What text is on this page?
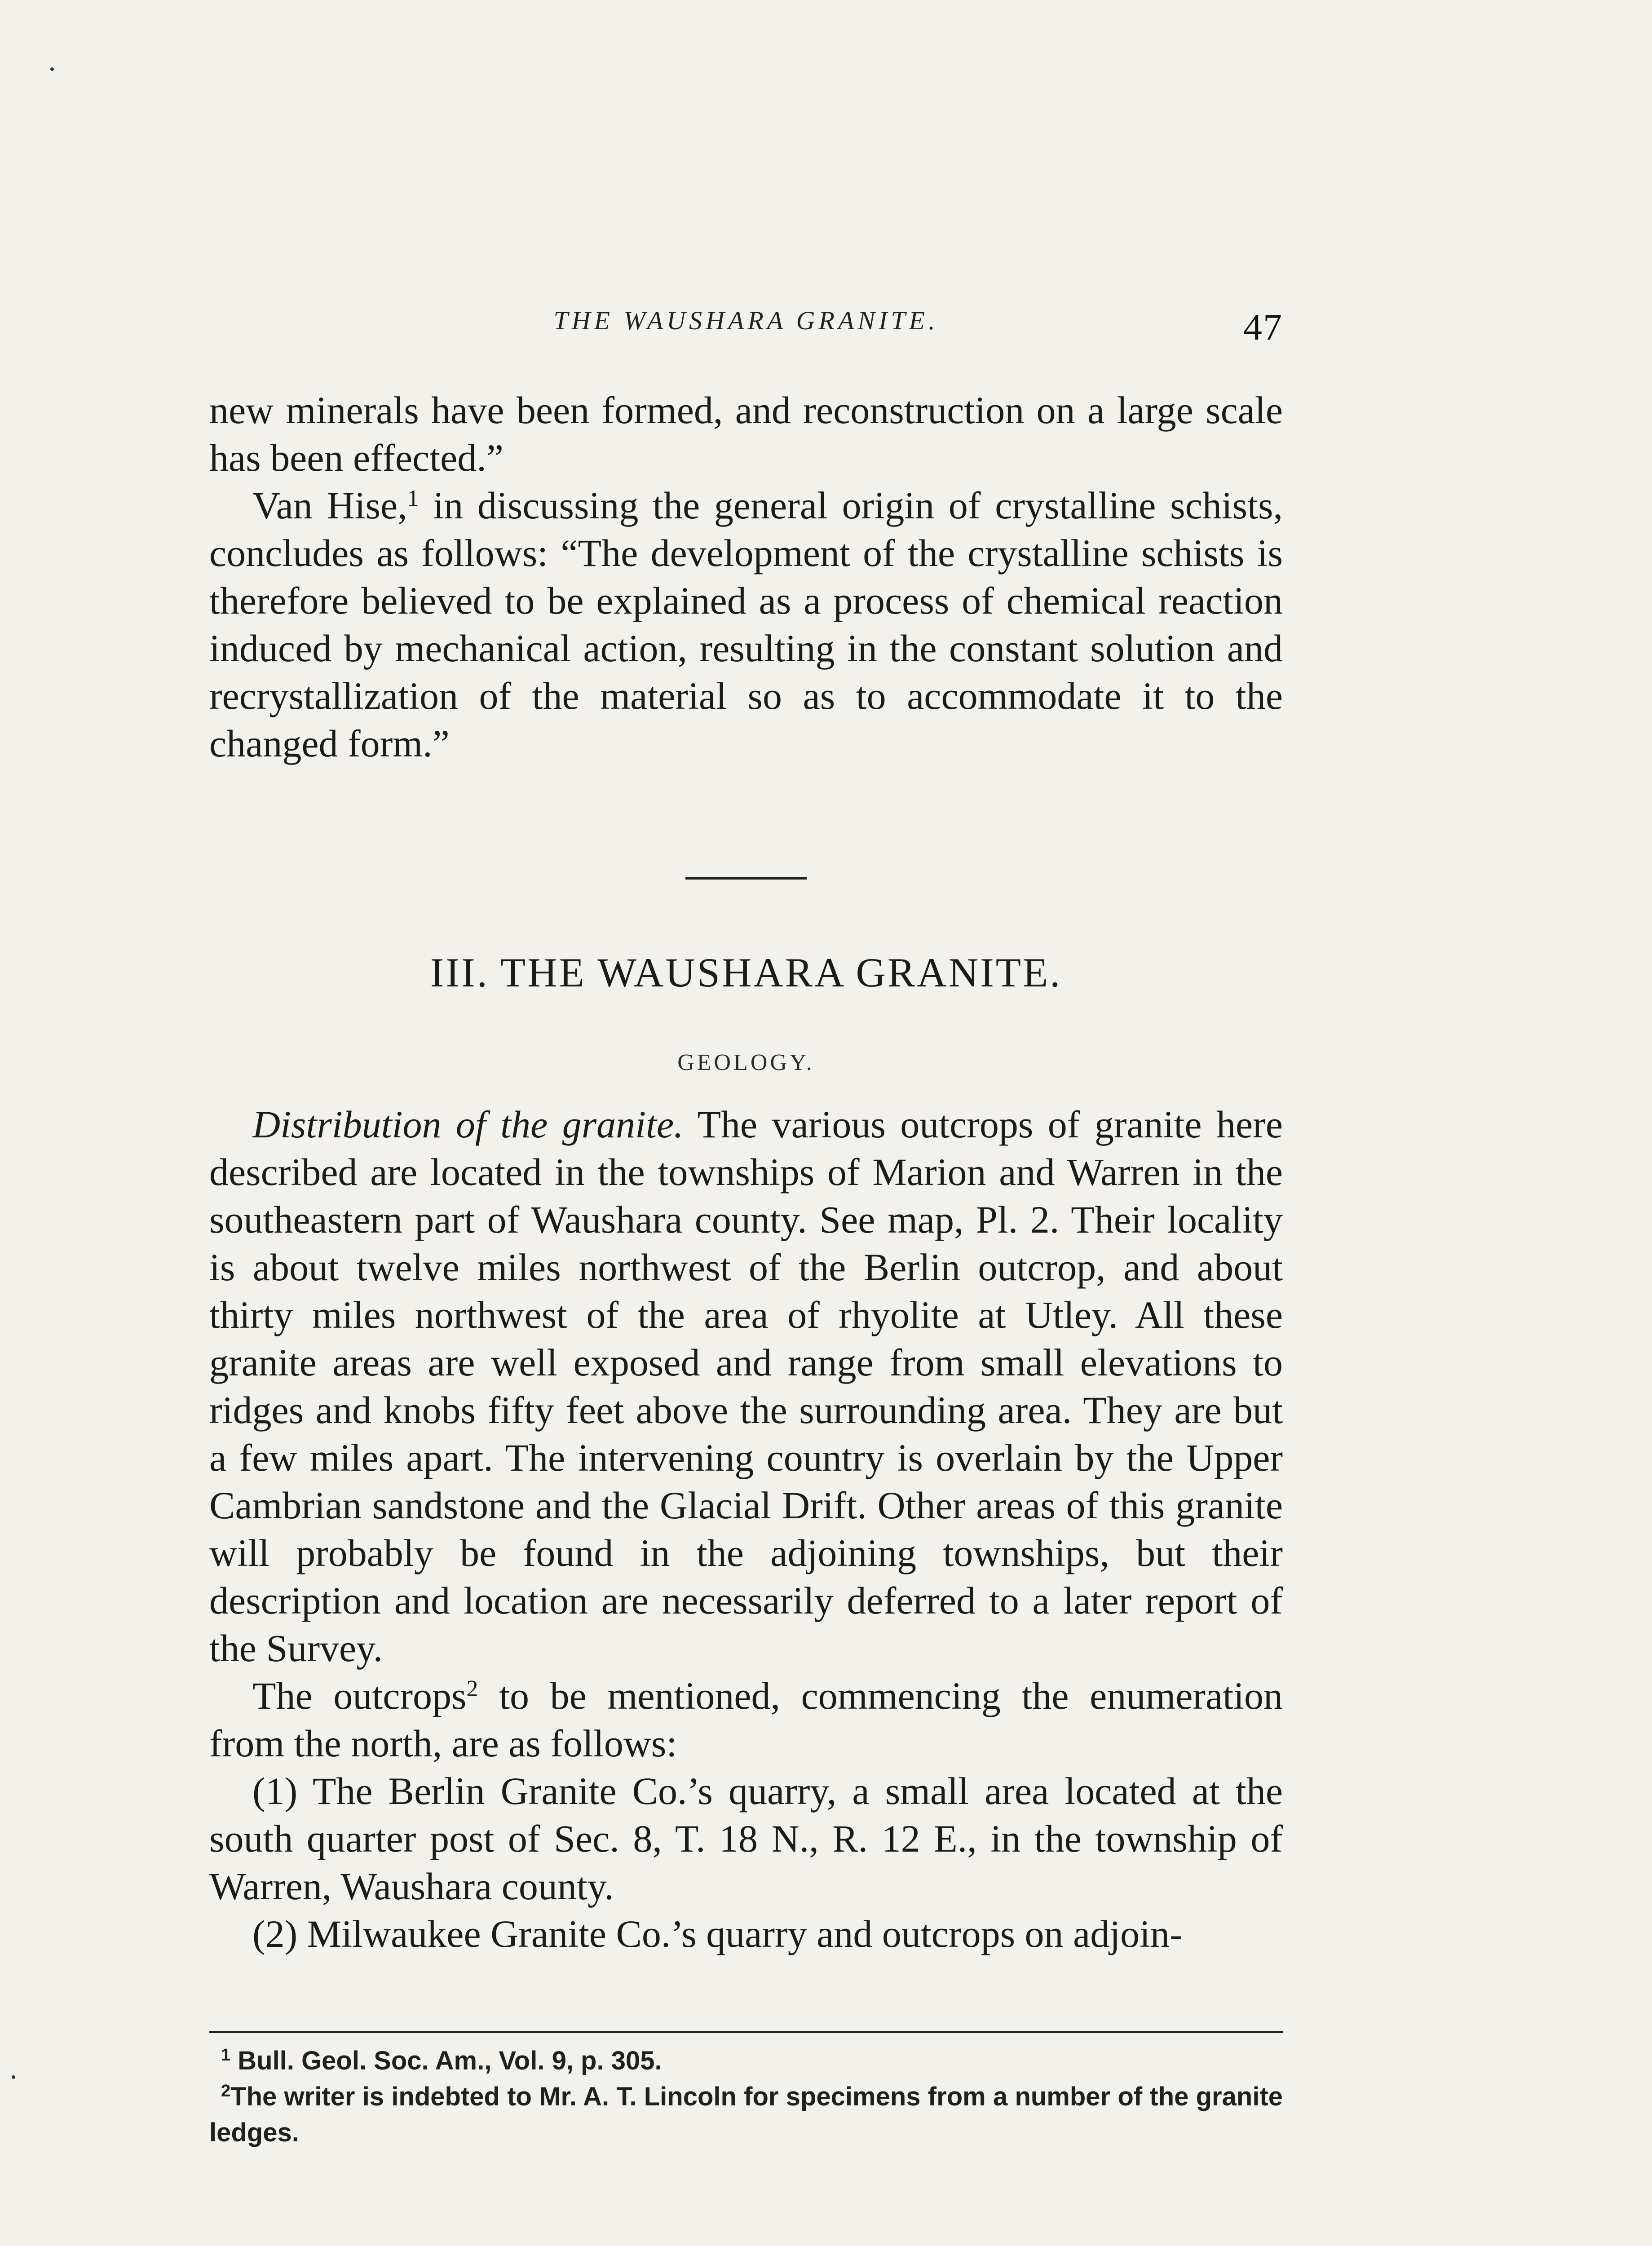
THE WAUSHARA GRANITE.	47

new minerals have been formed, and reconstruction on a large scale has been effected.”

Van Hise,$^1$ in discussing the general origin of crystalline schists, concludes as follows: “The development of the crystalline schists is therefore believed to be explained as a process of chemical reaction induced by mechanical action, resulting in the constant solution and recrystallization of the material so as to accommodate it to the changed form.”

III. THE WAUSHARA GRANITE.
GEOLOGY.

Distribution of the granite. The various outcrops of granite here described are located in the townships of Marion and Warren in the southeastern part of Waushara county. See map, Pl. 2. Their locality is about twelve miles northwest of the Berlin outcrop, and about thirty miles northwest of the area of rhyolite at Utley. All these granite areas are well exposed and range from small elevations to ridges and knobs fifty feet above the surrounding area. They are but a few miles apart. The intervening country is overlain by the Upper Cambrian sandstone and the Glacial Drift. Other areas of this granite will probably be found in the adjoining townships, but their description and location are necessarily deferred to a later report of the Survey.

The outcrops$^2$ to be mentioned, commencing the enumeration from the north, are as follows:

(1) The Berlin Granite Co.’s quarry, a small area located at the south quarter post of Sec. 8, T. 18 N., R. 12 E., in the township of Warren, Waushara county.

(2) Milwaukee Granite Co.’s quarry and outcrops on adjoin-

$^1$ Bull. Geol. Soc. Am., Vol. 9, p. 305.

$^2$The writer is indebted to Mr. A. T. Lincoln for specimens from a number of the granite ledges.
